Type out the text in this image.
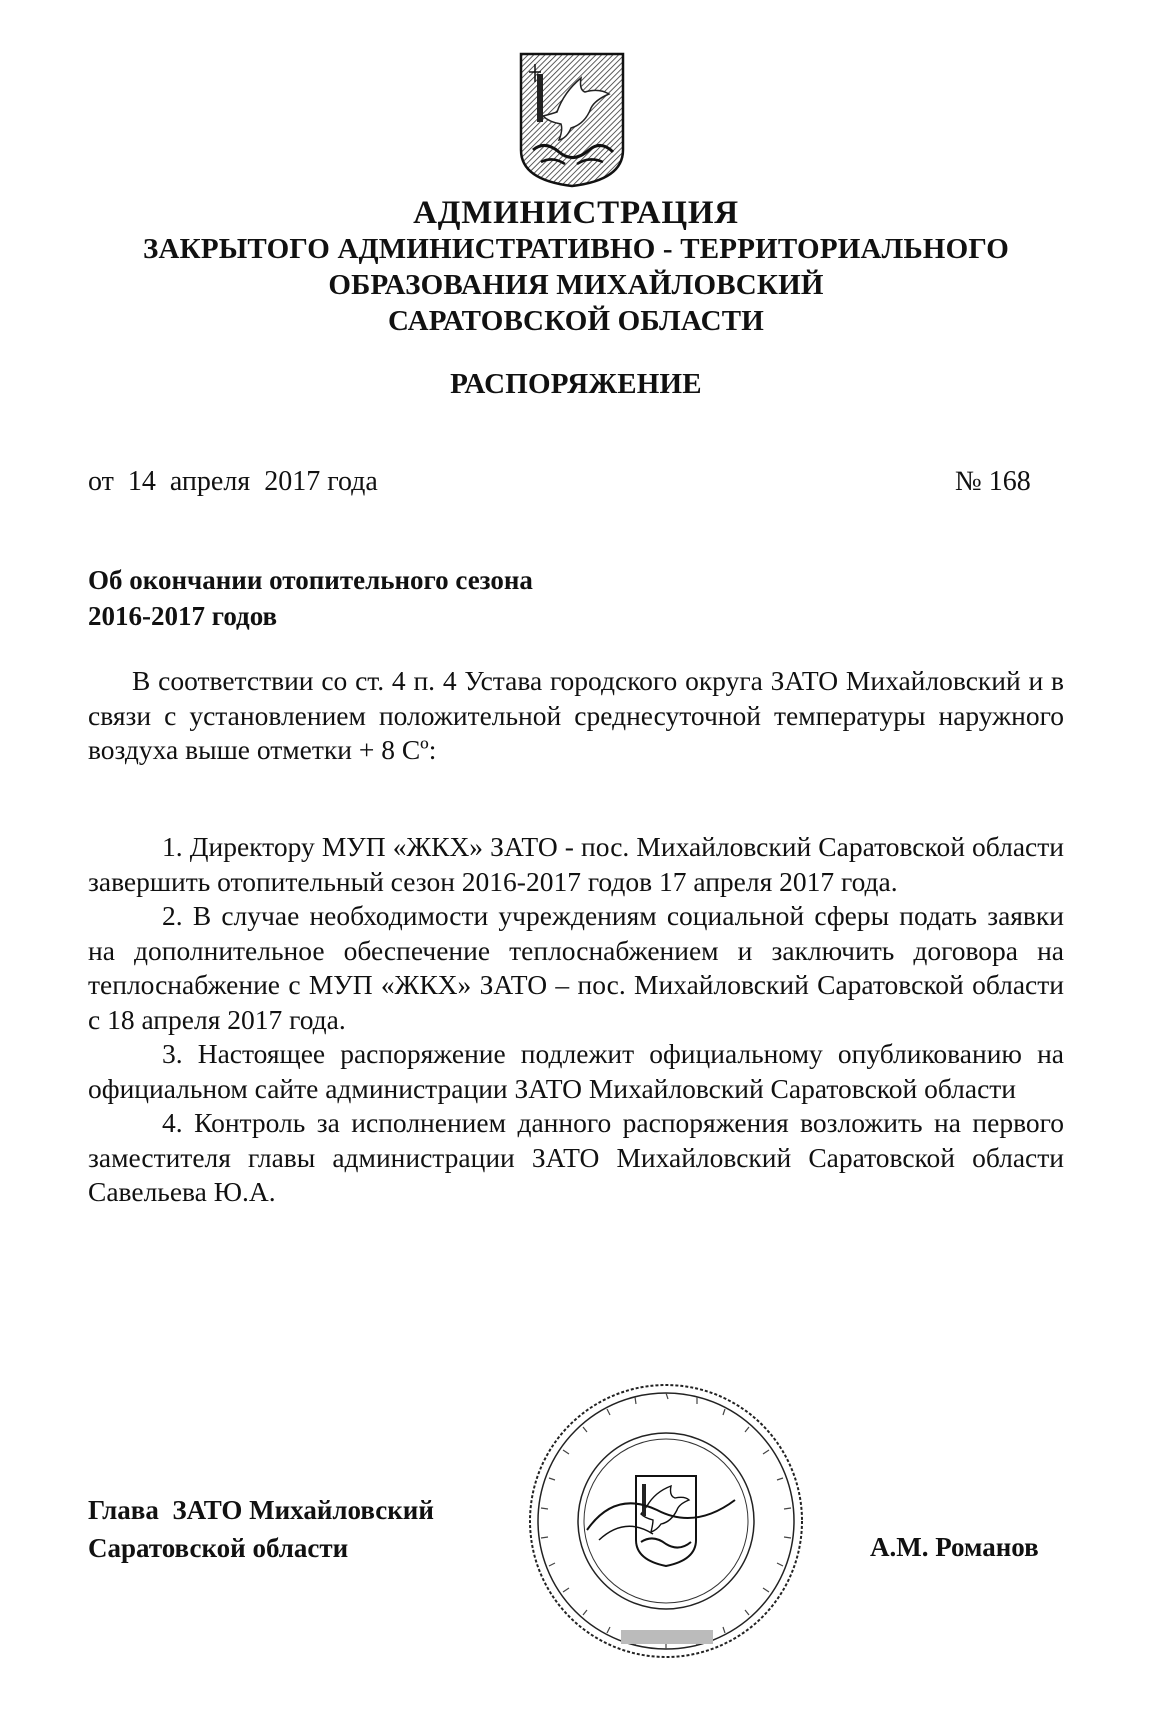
АДМИНИСТРАЦИЯ
ЗАКРЫТОГО АДМИНИСТРАТИВНО - ТЕРРИТОРИАЛЬНОГО
ОБРАЗОВАНИЯ МИХАЙЛОВСКИЙ
САРАТОВСКОЙ ОБЛАСТИ
РАСПОРЯЖЕНИЕ
от  14  апреля  2017 года	№ 168
Об окончании отопительного сезона
2016-2017 годов
В соответствии со ст. 4 п. 4 Устава городского округа ЗАТО Михайловский и в связи с установлением положительной среднесуточной температуры наружного воздуха выше отметки + 8 Сº:

1. Директору МУП «ЖКХ» ЗАТО - пос. Михайловский Саратовской области завершить отопительный сезон 2016-2017 годов 17 апреля 2017 года.

2. В случае необходимости учреждениям социальной сферы подать заявки на дополнительное обеспечение теплоснабжением и заключить договора на теплоснабжение с МУП «ЖКХ» ЗАТО – пос. Михайловский Саратовской области с 18 апреля 2017 года.

3. Настоящее распоряжение подлежит официальному опубликованию на официальном сайте администрации ЗАТО Михайловский Саратовской области

4. Контроль за исполнением данного распоряжения возложить на первого заместителя главы администрации ЗАТО Михайловский Саратовской области Савельева Ю.А.

Глава  ЗАТО Михайловский
Саратовской области	А.М. Романов
